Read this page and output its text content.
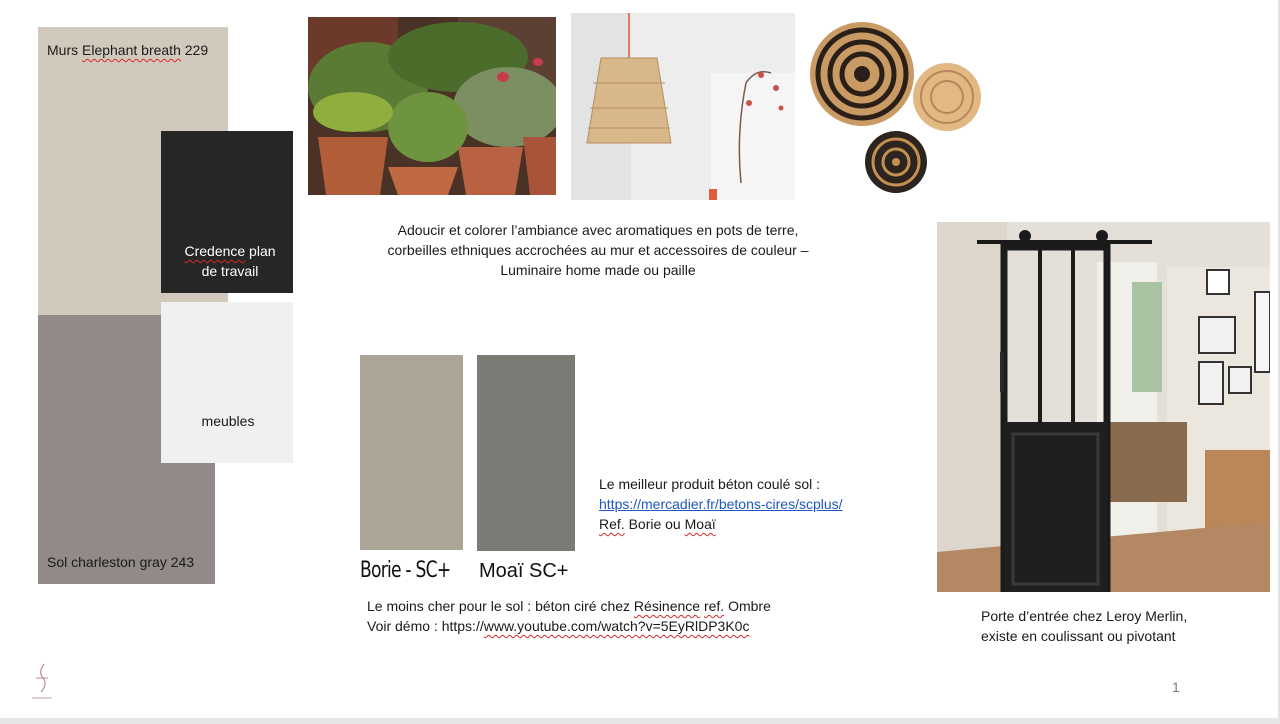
Murs Elephant breath 229
Credence plan
de travail
meubles
Sol charleston gray 243
Adoucir et colorer l’ambiance avec aromatiques en pots de terre,
corbeilles ethniques accrochées au mur et accessoires de couleur –
Luminaire home made ou paille
Borie - SC+ Moaï SC+
Le meilleur produit béton coulé sol :
https://mercadier.fr/betons-cires/scplus/
Ref. Borie ou Moaï
Le moins cher pour le sol : béton ciré chez Résinence ref. Ombre
Voir démo : https://www.youtube.com/watch?v=5EyRlDP3K0c
Porte d’entrée chez Leroy Merlin,
existe en coulissant ou pivotant
1
